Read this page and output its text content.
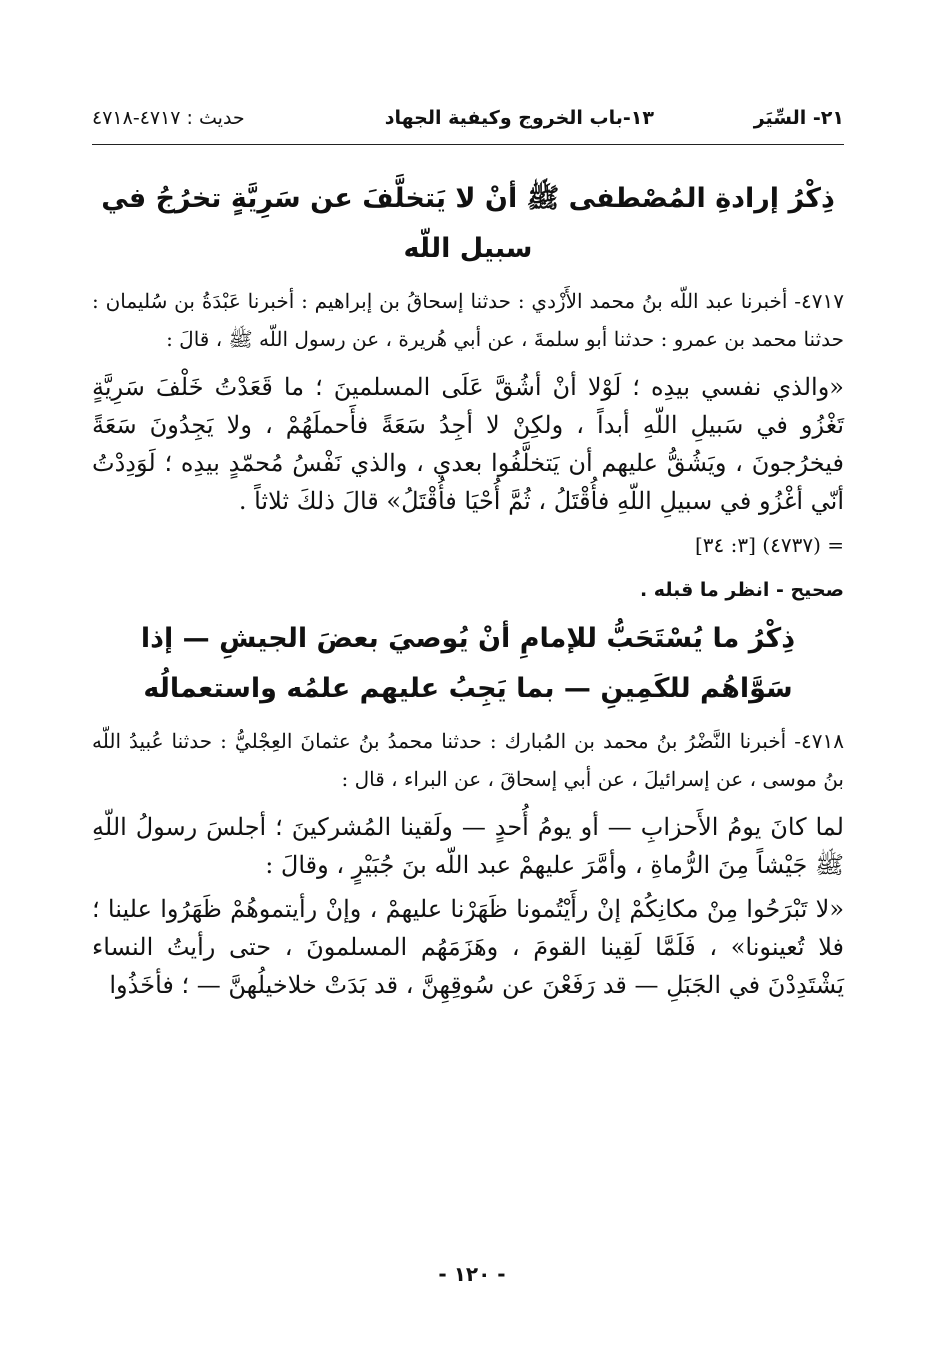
٢١- السِّيَر
١٣-باب الخروج وكيفية الجهاد
حديث : ٤٧١٧-٤٧١٨
ذِكْرُ إرادةِ المُصْطفى ﷺ أنْ لا يَتخلَّفَ عن سَرِيَّةٍ تخرُجُ في سبيل اللّه

٤٧١٧- أخبرنا عبد اللّه بنُ محمد الأَزْدي : حدثنا إسحاقُ بن إبراهيم : أخبرنا عَبْدَةُ بن سُليمان : حدثنا محمد بن عمرو : حدثنا أبو سلمةَ ، عن أبي هُريرة ، عن رسول اللّه ﷺ ، قالَ :

«والذي نفسي بيدِه ؛ لَوْلا أنْ أشُقَّ عَلَى المسلمينَ ؛ ما قَعَدْتُ خَلْفَ سَرِيَّةٍ تَغْزُو في سَبيلِ اللّهِ أبداً ، ولكِنْ لا أجِدُ سَعَةً فأَحملَهُمْ ، ولا يَجِدُونَ سَعَةً فيخرُجونَ ، ويَشُقُّ عليهم أن يَتخلَّفُوا بعدي ، والذي نَفْسُ مُحمّدٍ بيدِه ؛ لَوَدِدْتُ أنّي أغْزُو في سبيلِ اللّهِ فأُقْتَلُ ، ثُمَّ أُحْيَا فأُقْتَلُ» قالَ ذلكَ ثلاثاً .

= (٤٧٣٧) [٣: ٣٤]

صحيح - انظر ما قبله .

ذِكْرُ ما يُسْتَحَبُّ للإمامِ أنْ يُوصيَ بعضَ الجيشِ — إذا سَوَّاهُم للكَمِينِ — بما يَجِبُ عليهم علمُه واستعمالُه

٤٧١٨- أخبرنا النَّضْرُ بنُ محمد بن المُبارك : حدثنا محمدُ بنُ عثمانَ العِجْليُّ : حدثنا عُبيدُ اللّه بنُ موسى ، عن إسرائيلَ ، عن أبي إسحاقَ ، عن البراء ، قال :

لما كانَ يومُ الأَحزابِ — أو يومُ أُحدٍ — ولَقينا المُشركينَ ؛ أجلسَ رسولُ اللّهِ ﷺ جَيْشاً مِنَ الرُّماةِ ، وأمَّرَ عليهمْ عبد اللّه بنَ جُبَيْرٍ ، وقالَ :

«لا تَبْرَحُوا مِنْ مكانِكُمْ إنْ رأَيْتُمونا ظَهَرْنا عليهمْ ، وإنْ رأيتموهُمْ ظَهَرُوا علينا ؛ فلا تُعينونا» ، فَلَمَّا لَقِينا القومَ ، وهَزَمَهُم المسلمونَ ، حتى رأيتُ النساء يَشْتَدِدْنَ في الجَبَلِ — قد رَفَعْنَ عن سُوقِهِنَّ ، قد بَدَتْ خلاخيلُهنَّ — ؛ فأخَذُوا

- ١٢٠ -
